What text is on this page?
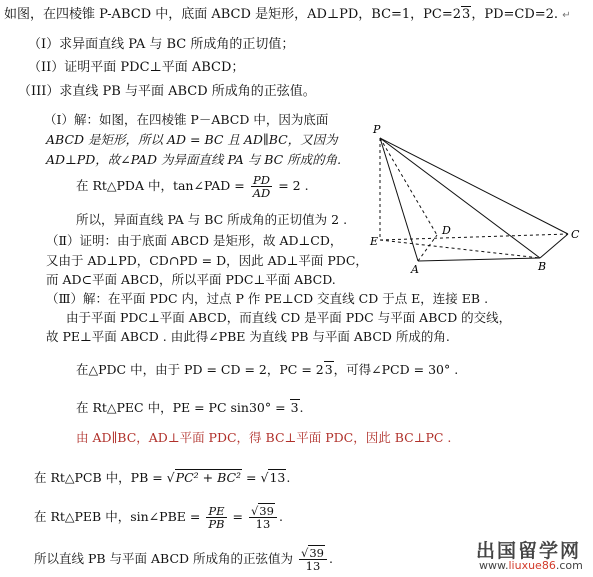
如图，在四棱锥 P-ABCD 中，底面 ABCD 是矩形，AD⊥PD，BC=1，PC=23，PD=CD=2. ↵
（I）求异面直线 PA 与 BC 所成角的正切值；
（II）证明平面 PDC⊥平面 ABCD；
（III）求直线 PB 与平面 ABCD 所成角的正弦值。
（Ⅰ）解：如图，在四棱锥 P－ABCD 中，因为底面
ABCD 是矩形，所以 AD = BC 且 AD∥BC，又因为
AD⊥PD，故∠PAD 为异面直线 PA 与 BC 所成的角.
在 Rt△PDA 中，tan∠PAD = $\frac{PD}{AD} = 2$ .
所以，异面直线 PA 与 BC 所成角的正切值为 2 .
（Ⅱ）证明：由于底面 ABCD 是矩形，故 AD⊥CD，
又由于 AD⊥PD，CD∩PD = D，因此 AD⊥平面 PDC，
而 AD⊂平面 ABCD，所以平面 PDC⊥平面 ABCD.
（Ⅲ）解：在平面 PDC 内，过点 P 作 PE⊥CD 交直线 CD 于点 E，连接 EB .
由于平面 PDC⊥平面 ABCD，而直线 CD 是平面 PDC 与平面 ABCD 的交线，
故 PE⊥平面 ABCD . 由此得∠PBE 为直线 PB 与平面 ABCD 所成的角.
在△PDC 中，由于 PD = CD = 2，PC = 23，可得∠PCD = 30° .
在 Rt△PEC 中，PE = PC sin30° = 3.
由 AD∥BC，AD⊥平面 PDC，得 BC⊥平面 PDC，因此 BC⊥PC .
在 Rt△PCB 中，PB = √PC² + BC² = √13.
在 Rt△PEB 中，sin∠PBE = $\frac{PE}{PB} = \frac{√39}{13}$ .
所以直线 PB 与平面 ABCD 所成角的正弦值为 $\frac{√39}{13}$ .
P
E
D	C
A	B
出国留学网
www.liuxue86.com
